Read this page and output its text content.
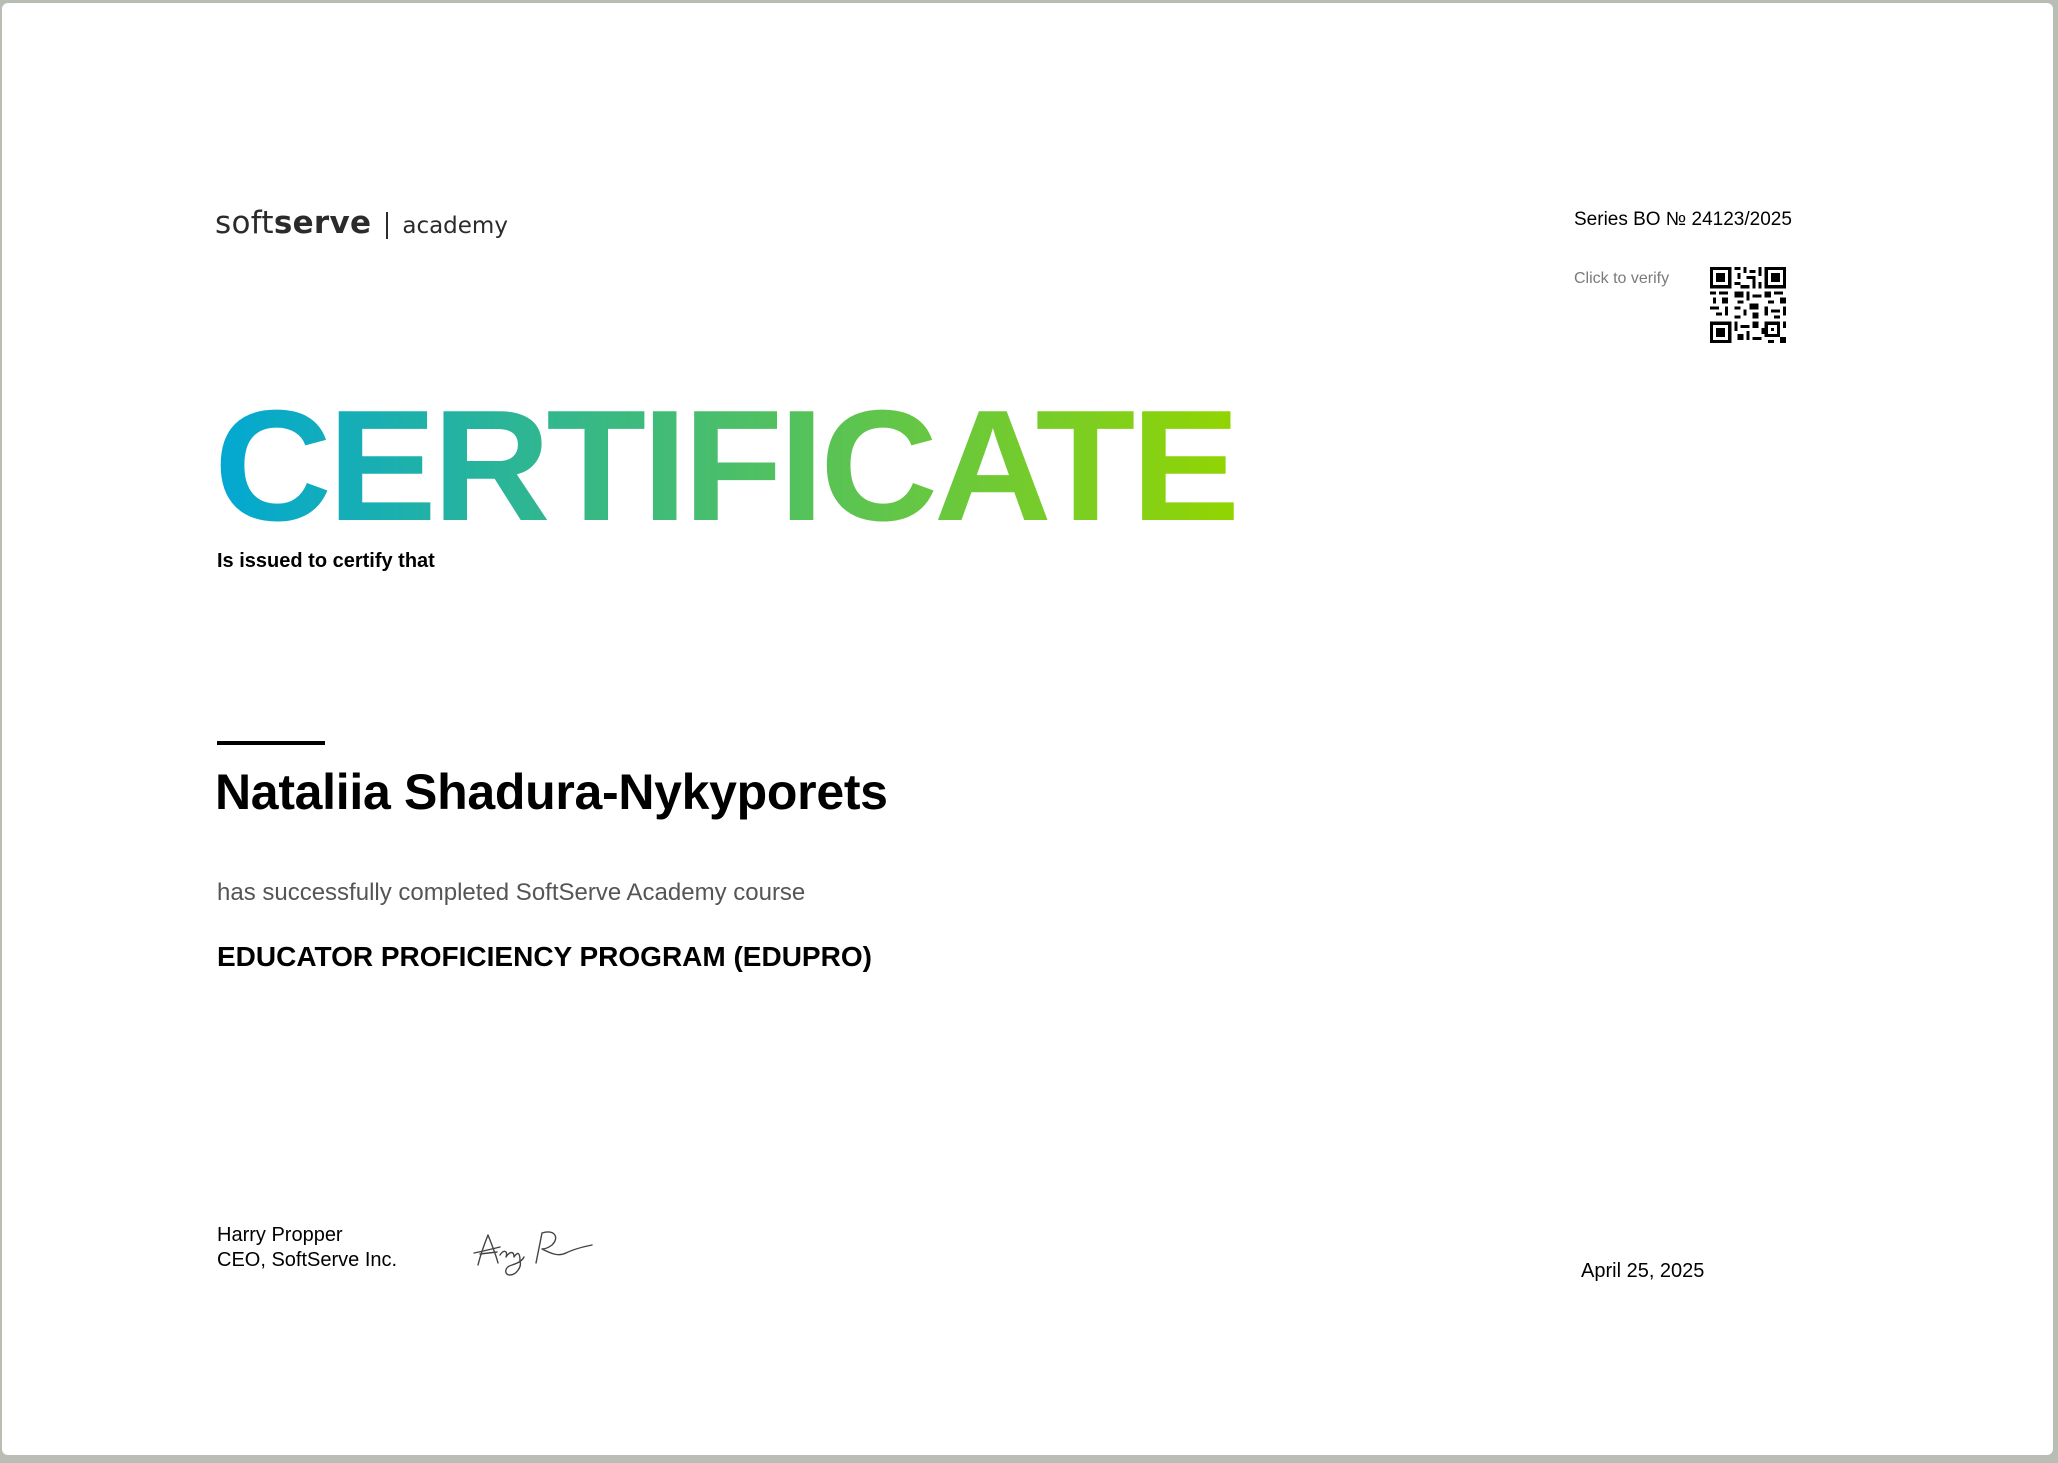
softserve academy	Series BO № 24123/2025
Click to verify
CERTIFICATE
Is issued to certify that
Nataliia Shadura-Nykyporets
has successfully completed SoftServe Academy course
EDUCATOR PROFICIENCY PROGRAM (EDUPRO)
Harry Propper
CEO, SoftServe Inc.	April 25, 2025
